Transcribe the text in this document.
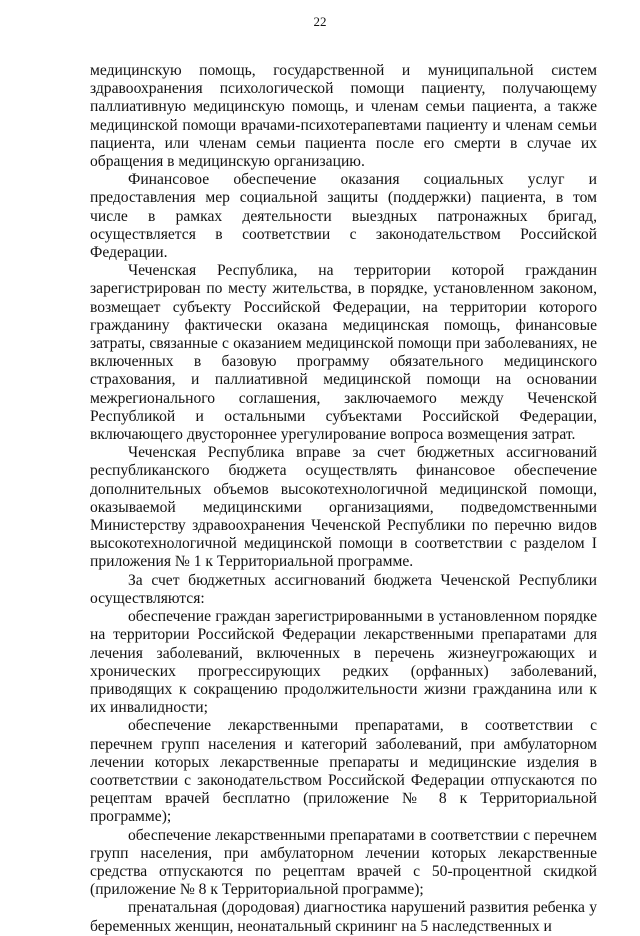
22

медицинскую помощь, государственной и муниципальной систем здравоохранения психологической помощи пациенту, получающему паллиативную медицинскую помощь, и членам семьи пациента, а также медицинской помощи врачами-психотерапевтами пациенту и членам семьи пациента, или членам семьи пациента после его смерти в случае их обращения в медицинскую организацию.

Финансовое обеспечение оказания социальных услуг и предоставления мер социальной защиты (поддержки) пациента, в том числе в рамках деятельности выездных патронажных бригад, осуществляется в соответствии с законодательством Российской Федерации.

Чеченская Республика, на территории которой гражданин зарегистрирован по месту жительства, в порядке, установленном законом, возмещает субъекту Российской Федерации, на территории которого гражданину фактически оказана медицинская помощь, финансовые затраты, связанные с оказанием медицинской помощи при заболеваниях, не включенных в базовую программу обязательного медицинского страхования, и паллиативной медицинской помощи на основании межрегионального соглашения, заключаемого между Чеченской Республикой и остальными субъектами Российской Федерации, включающего двустороннее урегулирование вопроса возмещения затрат.

Чеченская Республика вправе за счет бюджетных ассигнований республиканского бюджета осуществлять финансовое обеспечение дополнительных объемов высокотехнологичной медицинской помощи, оказываемой медицинскими организациями, подведомственными Министерству здравоохранения Чеченской Республики по перечню видов высокотехнологичной медицинской помощи в соответствии с разделом I приложения № 1 к Территориальной программе.

За счет бюджетных ассигнований бюджета Чеченской Республики осуществляются:

обеспечение граждан зарегистрированными в установленном порядке на территории Российской Федерации лекарственными препаратами для лечения заболеваний, включенных в перечень жизнеугрожающих и хронических прогрессирующих редких (орфанных) заболеваний, приводящих к сокращению продолжительности жизни гражданина или к их инвалидности;

обеспечение лекарственными препаратами, в соответствии с перечнем групп населения и категорий заболеваний, при амбулаторном лечении которых лекарственные препараты и медицинские изделия в соответствии с законодательством Российской Федерации отпускаются по рецептам врачей бесплатно (приложение № 8 к Территориальной программе);

обеспечение лекарственными препаратами в соответствии с перечнем групп населения, при амбулаторном лечении которых лекарственные средства отпускаются по рецептам врачей с 50-процентной скидкой (приложение № 8 к Территориальной программе);

пренатальная (дородовая) диагностика нарушений развития ребенка у беременных женщин, неонатальный скрининг на 5 наследственных и
